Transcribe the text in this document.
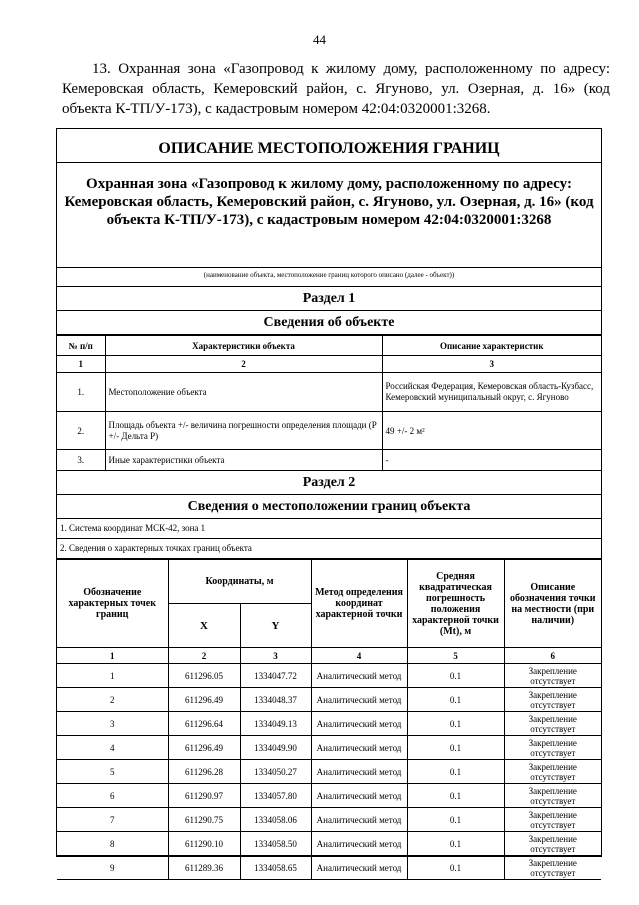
44
13. Охранная зона «Газопровод к жилому дому, расположенному по адресу: Кемеровская область, Кемеровский район, с. Ягуново, ул. Озерная, д. 16» (код объекта К-ТП/У-173), с кадастровым номером 42:04:0320001:3268.
ОПИСАНИЕ МЕСТОПОЛОЖЕНИЯ ГРАНИЦ
Охранная зона «Газопровод к жилому дому, расположенному по адресу: Кемеровская область, Кемеровский район, с. Ягуново, ул. Озерная, д. 16» (код объекта К-ТП/У-173), с кадастровым номером 42:04:0320001:3268
(наименование объекта, местоположение границ которого описано (далее - объект))
Раздел 1
Сведения об объекте
№ п/п	Характеристики объекта	Описание характеристик
1	2	3
1.	Местоположение объекта	Российская Федерация, Кемеровская область-Кузбасс, Кемеровский муниципальный округ, с. Ягуново
2.	Площадь объекта +/- величина погрешности определения площади (Р +/- Дельта Р)	49 +/- 2 м²
3.	Иные характеристики объекта	-
Раздел 2
Сведения о местоположении границ объекта
1. Система координат МСК-42, зона 1
2. Сведения о характерных точках границ объекта
Обозначение характерных точек границ	Координаты, м		Метод определения координат характерной точки	Средняя квадратическая погрешность положения характерной точки (Mt), м	Описание обозначения точки на местности (при наличии)
	X	Y			
1	2	3	4	5	6
1	611296.05	1334047.72	Аналитический метод	0.1	Закрепление отсутствует
2	611296.49	1334048.37	Аналитический метод	0.1	Закрепление отсутствует
3	611296.64	1334049.13	Аналитический метод	0.1	Закрепление отсутствует
4	611296.49	1334049.90	Аналитический метод	0.1	Закрепление отсутствует
5	611296.28	1334050.27	Аналитический метод	0.1	Закрепление отсутствует
6	611290.97	1334057.80	Аналитический метод	0.1	Закрепление отсутствует
7	611290.75	1334058.06	Аналитический метод	0.1	Закрепление отсутствует
8	611290.10	1334058.50	Аналитический метод	0.1	Закрепление отсутствует
9	611289.36	1334058.65	Аналитический метод	0.1	Закрепление отсутствует
